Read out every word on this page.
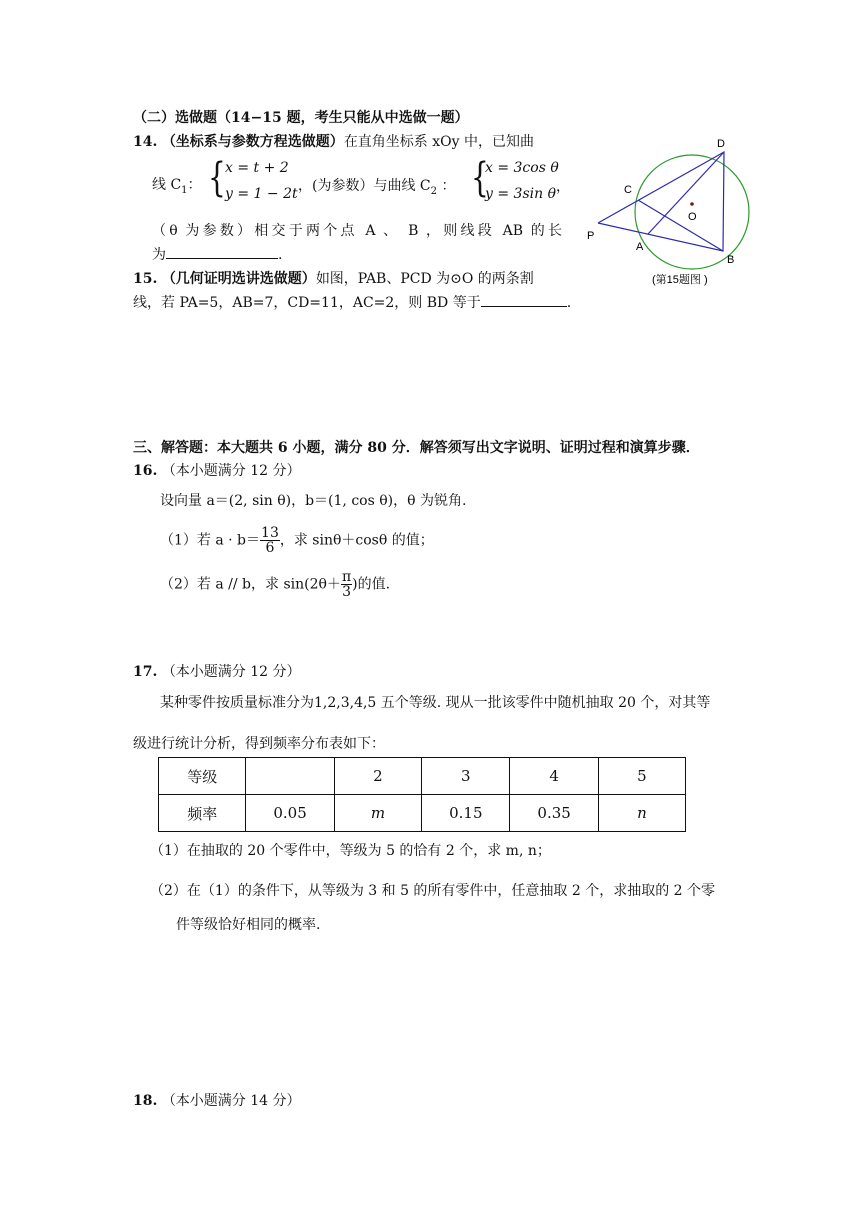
（二）选做题（14−15 题，考生只能从中选做一题）
14. （坐标系与参数方程选做题）在直角坐标系 xOy 中，已知曲
线 $C_1$： { x = t + 2
y = 1 − 2t ，(为参数）与曲线 $C_2$ ： {
x = 3cos θ
y = 3sin θ ，
（θ 为参数）相交于两个点 A 、 B ，则线段 AB 的长
为	.
15. （几何证明选讲选做题）如图，PAB、PCD 为⊙O 的两条割
线，若 PA=5，AB=7，CD=11，AC=2，则 BD 等于	.
D
C
O
P
A
B
(第15题图 )
三、解答题：本大题共 6 小题，满分 80 分．解答须写出文字说明、证明过程和演算步骤．
16. （本小题满分 12 分）
设向量 a＝(2, sin θ)，b＝(1, cos θ)，θ 为锐角.
（1）若 $a \cdot b= \frac{13}{6}$ ，求 sinθ＋cosθ 的值；
（2）若 a // b，求 $\sin(2\theta+ \frac{\pi}{3}$ )的值.
17. （本小题满分 12 分）
某种零件按质量标准分为1,2,3,4,5 五个等级. 现从一批该零件中随机抽取 20 个，对其等
级进行统计分析，得到频率分布表如下：
等级		2	3	4	5
频率	0.05	m	0.15	0.35	n
（1）在抽取的 20 个零件中，等级为 5 的恰有 2 个，求 m, n；
（2）在（1）的条件下，从等级为 3 和 5 的所有零件中，任意抽取 2 个，求抽取的 2 个零
件等级恰好相同的概率.
18. （本小题满分 14 分）
